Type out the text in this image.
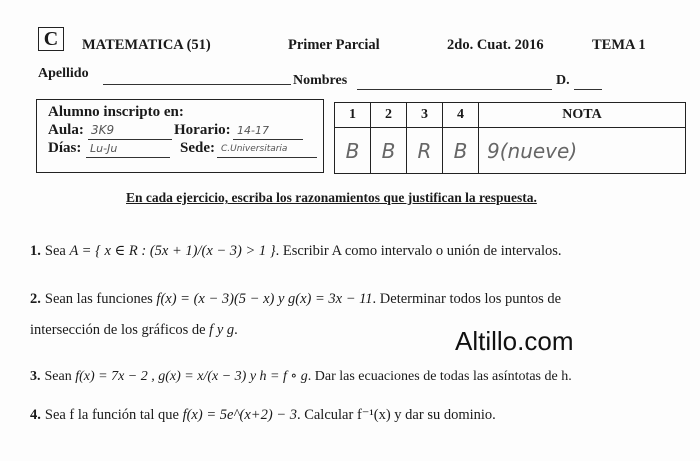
C	MATEMATICA (51)	Primer Parcial	2do. Cuat. 2016	TEMA 1
Apellido	Nombres	D.
Alumno inscripto en:
Aula: 3K9	Horario: 14-17
Días: Lu-Ju	Sede: C.Universitaria
1	2	3	4	NOTA
B	B	R	B	9(nueve)
En cada ejercicio, escriba los razonamientos que justifican la respuesta.
1. Sea A = { x ∈ R : (5x + 1)/(x − 3) > 1 }. Escribir A como intervalo o unión de intervalos.
2. Sean las funciones f(x) = (x − 3)(5 − x) y g(x) = 3x − 11. Determinar todos los puntos de
intersección de los gráficos de f y g.
3. Sean f(x) = 7x − 2 , g(x) = x/(x − 3) y h = f ∘ g. Dar las ecuaciones de todas las asíntotas de h.
4. Sea f la función tal que f(x) = 5e^(x+2) − 3. Calcular f⁻¹(x) y dar su dominio.
Altillo.com
